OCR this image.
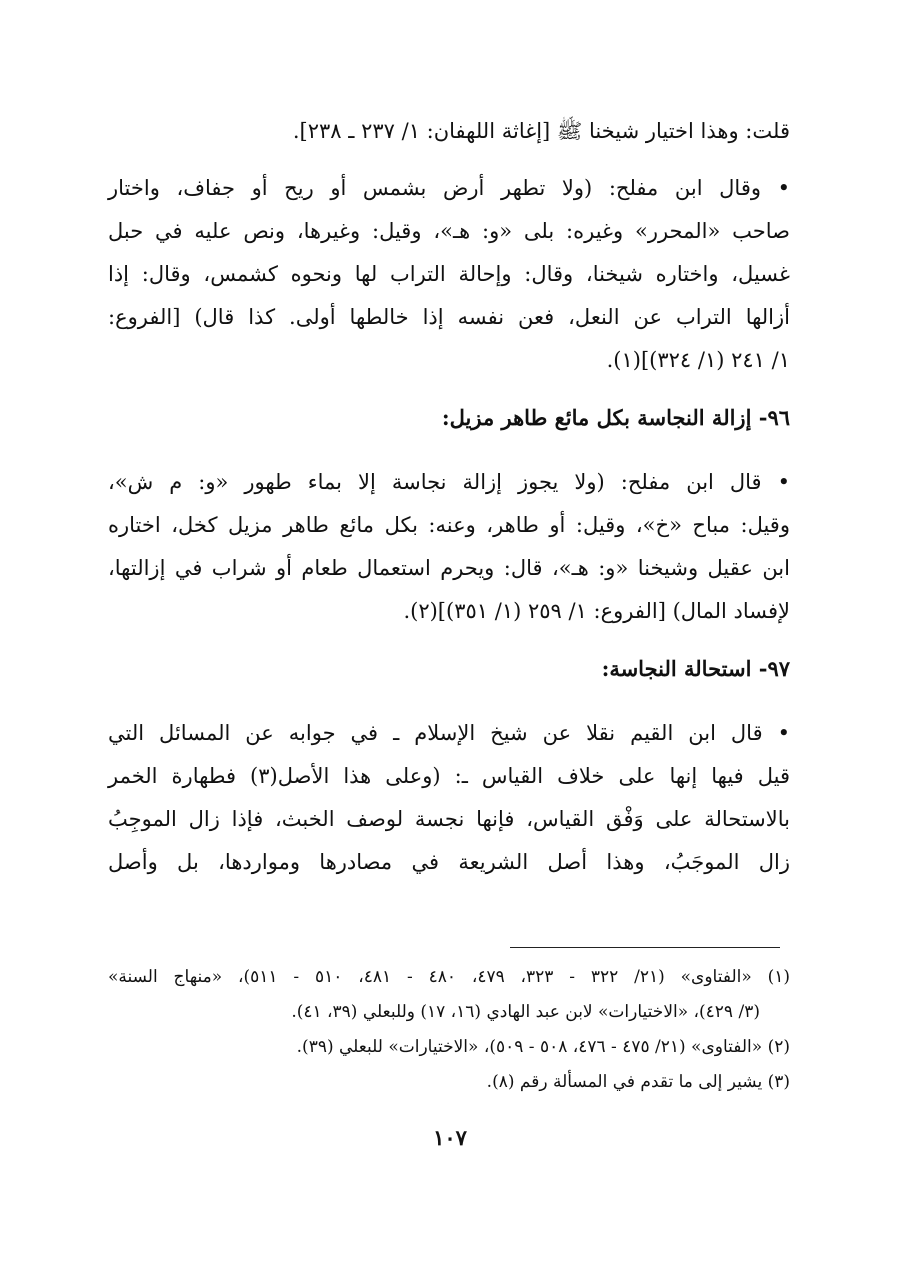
قلت: وهذا اختيار شيخنا ﷺ [إغاثة اللهفان: ١/ ٢٣٧ ـ ٢٣٨].
• وقال ابن مفلح: (ولا تطهر أرض بشمس أو ريح أو جفاف، واختار
صاحب «المحرر» وغيره: بلى «و: هـ»، وقيل: وغيرها، ونص عليه في حبل
غسيل، واختاره شيخنا، وقال: وإحالة التراب لها ونحوه كشمس، وقال: إذا
أزالها التراب عن النعل، فعن نفسه إذا خالطها أولى. كذا قال) [الفروع:
١/ ٢٤١ (١/ ٣٢٤)](١).
٩٦- إزالة النجاسة بكل مائع طاهر مزيل:
• قال ابن مفلح: (ولا يجوز إزالة نجاسة إلا بماء طهور «و: م ش»،
وقيل: مباح «خ»، وقيل: أو طاهر، وعنه: بكل مائع طاهر مزيل كخل، اختاره
ابن عقيل وشيخنا «و: هـ»، قال: ويحرم استعمال طعام أو شراب في إزالتها،
لإفساد المال) [الفروع: ١/ ٢٥٩ (١/ ٣٥١)](٢).
٩٧- استحالة النجاسة:
• قال ابن القيم نقلا عن شيخ الإسلام ـ في جوابه عن المسائل التي
قيل فيها إنها على خلاف القياس ـ: (وعلى هذا الأصل(٣) فطهارة الخمر
بالاستحالة على وَفْق القياس، فإنها نجسة لوصف الخبث، فإذا زال الموجِبُ
زال الموجَبُ، وهذا أصل الشريعة في مصادرها ومواردها، بل وأصل
(١) «الفتاوى» (٢١/ ٣٢٢ - ٣٢٣، ٤٧٩، ٤٨٠ - ٤٨١، ٥١٠ - ٥١١)، «منهاج السنة»
(٣/ ٤٢٩)، «الاختيارات» لابن عبد الهادي (١٦، ١٧) وللبعلي (٣٩، ٤١).
(٢) «الفتاوى» (٢١/ ٤٧٥ - ٤٧٦، ٥٠٨ - ٥٠٩)، «الاختيارات» للبعلي (٣٩).
(٣) يشير إلى ما تقدم في المسألة رقم (٨).
١٠٧
